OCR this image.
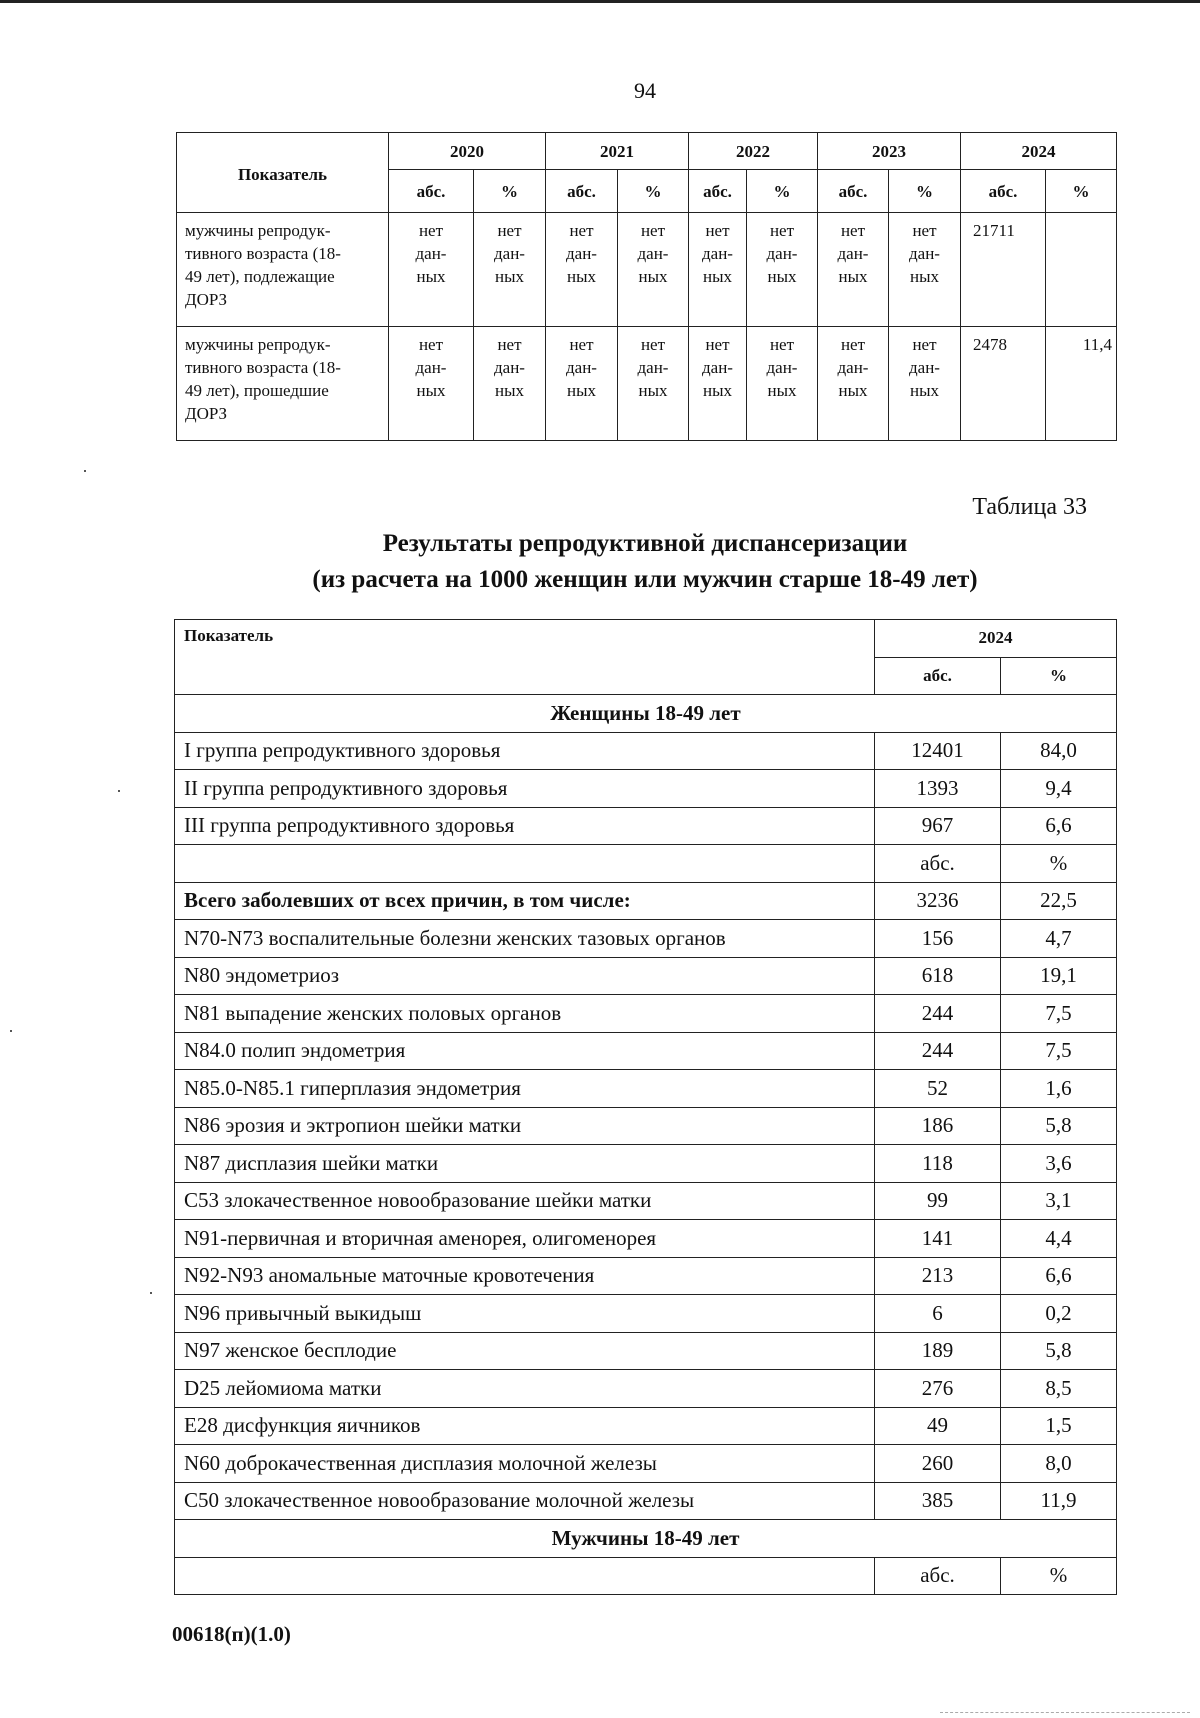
94
Показатель	2020		2021		2022		2023		2024	
	абс.	%	абс.	%	абс.	%	абс.	%	абс.	%
мужчины репродук-
тивного возраста (18-
49 лет), подлежащие
ДОРЗ	нет
дан-
ных	нет
дан-
ных	нет
дан-
ных	нет
дан-
ных	нет
дан-
ных	нет
дан-
ных	нет
дан-
ных	нет
дан-
ных	21711	
мужчины репродук-
тивного возраста (18-
49 лет), прошедшие
ДОРЗ	нет
дан-
ных	нет
дан-
ных	нет
дан-
ных	нет
дан-
ных	нет
дан-
ных	нет
дан-
ных	нет
дан-
ных	нет
дан-
ных	2478	11,4
Таблица 33
Результаты репродуктивной диспансеризации
(из расчета на 1000 женщин или мужчин старше 18-49 лет)
Показатель	2024	
	абс.	%
Женщины 18-49 лет		
I группа репродуктивного здоровья	12401	84,0
II группа репродуктивного здоровья	1393	9,4
III группа репродуктивного здоровья	967	6,6
	абс.	%
Всего заболевших от всех причин, в том числе:	3236	22,5
N70-N73 воспалительные болезни женских тазовых органов	156	4,7
N80 эндометриоз	618	19,1
N81 выпадение женских половых органов	244	7,5
N84.0 полип эндометрия	244	7,5
N85.0-N85.1 гиперплазия эндометрия	52	1,6
N86 эрозия и эктропион шейки матки	186	5,8
N87 дисплазия шейки матки	118	3,6
С53 злокачественное новообразование шейки матки	99	3,1
N91-первичная и вторичная аменорея, олигоменорея	141	4,4
N92-N93 аномальные маточные кровотечения	213	6,6
N96 привычный выкидыш	6	0,2
N97 женское бесплодие	189	5,8
D25 лейомиома матки	276	8,5
E28 дисфункция яичников	49	1,5
N60 доброкачественная дисплазия молочной железы	260	8,0
С50 злокачественное новообразование молочной железы	385	11,9
Мужчины 18-49 лет		
	абс.	%
00618(п)(1.0)
